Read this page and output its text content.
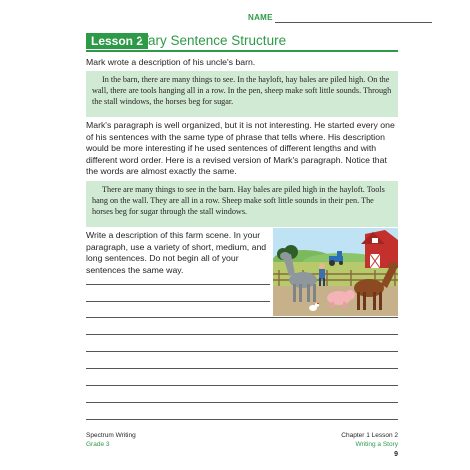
NAME
Lesson 2
Vary Sentence Structure
Mark wrote a description of his uncle's barn.

In the barn, there are many things to see. In the hayloft, hay bales are piled high. On the wall, there are tools hanging all in a row. In the pen, sheep make soft little sounds. Through the stall windows, the horses beg for sugar.

Mark's paragraph is well organized, but it is not interesting. He started every one of his sentences with the same type of phrase that tells where. His description would be more interesting if he used sentences of different lengths and with different word order. Here is a revised version of Mark's paragraph. Notice that the words are almost exactly the same.

There are many things to see in the barn. Hay bales are piled high in the hayloft. Tools hang on the wall. They are all in a row. Sheep make soft little sounds in their pen. The horses beg for sugar through the stall windows.

Write a description of this farm scene. In your paragraph, use a variety of short, medium, and long sentences. Do not begin all of your sentences the same way.
Spectrum Writing
Grade 3
Chapter 1 Lesson 2
Writing a Story
9
